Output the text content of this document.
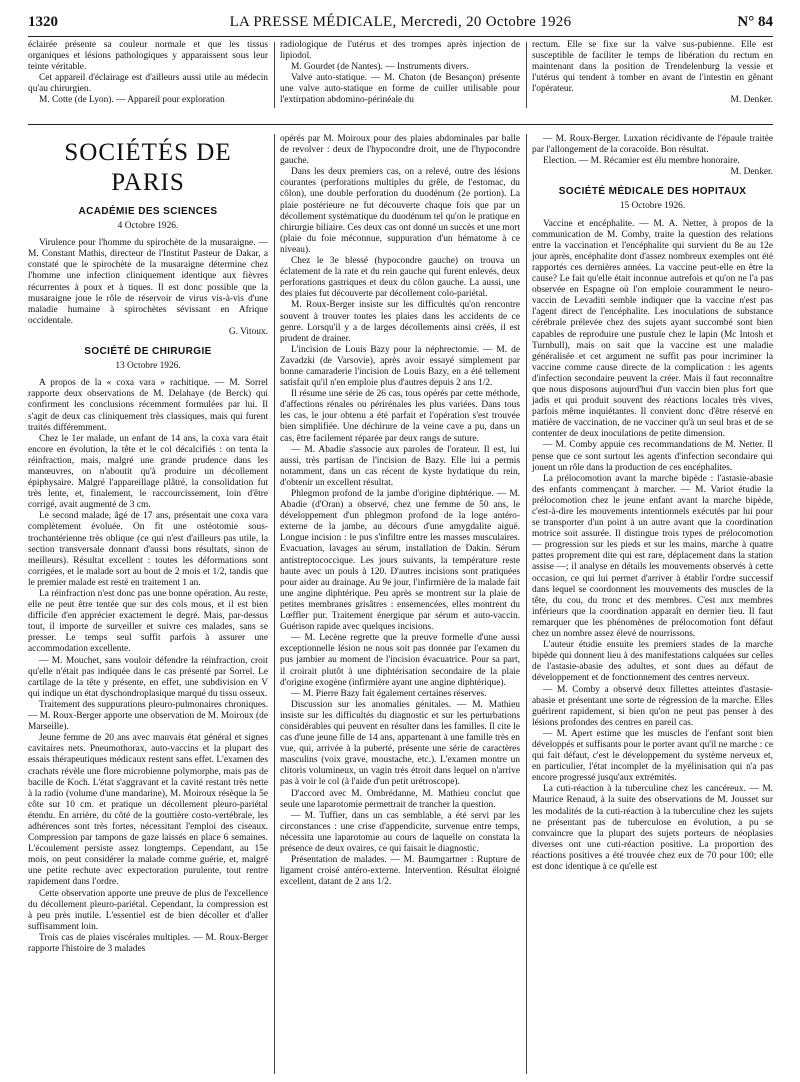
1320	LA PRESSE MÉDICALE, Mercredi, 20 Octobre 1926	N° 84

éclairée présente sa couleur normale et que les tissus organiques et lésions pathologiques y apparaissent sous leur teinte véritable.

Cet appareil d'éclairage est d'ailleurs aussi utile au médecin qu'au chirurgien.

M. Cotte (de Lyon). — Appareil pour exploration

radiologique de l'utérus et des trompes après injection de lipiodol.

M. Gourdet (de Nantes). — Instruments divers.

Valve auto-statique. — M. Chaton (de Besançon) présente une valve auto-statique en forme de cuiller utilisable pour l'extirpation abdomino-périnéale du

rectum. Elle se fixe sur la valve sus-pubienne. Elle est susceptible de faciliter le temps de libération du rectum en maintenant dans la position de Trendelenburg la vessie et l'utérus qui tendent à tomber en avant de l'intestin en gênant l'opérateur.

M. Denker.

SOCIÉTÉS DE PARIS
ACADÉMIE DES SCIENCES
4 Octobre 1926.

Virulence pour l'homme du spirochète de la musaraigne. — M. Constant Mathis, directeur de l'Institut Pasteur de Dakar, a constaté que le spirochète de la musaraigne détermine chez l'homme une infection cliniquement identique aux fièvres récurrentes à poux et à tiques. Il est donc possible que la musaraigne joue le rôle de réservoir de virus vis-à-vis d'une maladie humaine à spirochètes sévissant en Afrique occidentale.

G. Vitoux.

SOCIÉTÉ DE CHIRURGIE
13 Octobre 1926.

A propos de la « coxa vara » rachitique. — M. Sorrel rapporte deux observations de M. Delahaye (de Berck) qui confirment les conclusions récemment formulées par lui. Il s'agit de deux cas cliniquement très classiques, mais qui furent traités différemment.

Chez le 1er malade, un enfant de 14 ans, la coxa vara était encore en évolution, la tête et le col décalcifiés : on tenta la réinfraction, mais, malgré une grande prudence dans les manœuvres, on n'aboutit qu'à produire un décollement épiphysaire. Malgré l'appareillage plâtré, la consolidation fut très lente, et, finalement, le raccourcissement, loin d'être corrigé, avait augmenté de 3 cm.

Le second malade, âgé de 17 ans, présentait une coxa vara complètement évoluée. On fit une ostéotomie sous-trochantérienne très oblique (ce qui n'est d'ailleurs pas utile, la section transversale donnant d'aussi bons résultats, sinon de meilleurs). Résultat excellent : toutes les déformations sont corrigées, et le malade sort au bout de 2 mois et 1/2, tandis que le premier malade est resté en traitement 1 an.

La réinfraction n'est donc pas une bonne opération. Au reste, elle ne peut être tentée que sur des cols mous, et il est bien difficile d'en apprécier exactement le degré. Mais, par-dessus tout, il importe de surveiller et suivre ces malades, sans se presser. Le temps seul suffit parfois à assurer une accommodation excellente.

— M. Mouchet, sans vouloir défendre la réinfraction, croit qu'elle n'était pas indiquée dans le cas présenté par Sorrel. Le cartilage de la tête y présente, en effet, une subdivision en V qui indique un état dyschondroplasique marqué du tissu osseux.

Traitement des suppurations pleuro-pulmonaires chroniques. — M. Roux-Berger apporte une observation de M. Moiroux (de Marseille).

Jeune femme de 20 ans avec mauvais état général et signes cavitaires nets. Pneumothorax, auto-vaccins et la plupart des essais thérapeutiques médicaux restent sans effet. L'examen des crachats révèle une flore microbienne polymorphe, mais pas de bacille de Koch. L'état s'aggravant et la cavité restant très nette à la radio (volume d'une mandarine), M. Moiroux résèque la 5e côte sur 10 cm. et pratique un décollement pleuro-pariétal étendu. En arrière, du côté de la gouttière costo-vertébrale, les adhérences sont très fortes, nécessitant l'emploi des ciseaux. Compression par tampons de gaze laissés en place 6 semaines. L'écoulement persiste assez longtemps. Cependant, au 15e mois, on peut considérer la malade comme guérie, et, malgré une petite rechute avec expectoration purulente, tout rentre rapidement dans l'ordre.

Cette observation apporte une preuve de plus de l'excellence du décollement pleuro-pariétal. Cependant, la compression est à peu près inutile. L'essentiel est de bien décoller et d'aller suffisamment loin.

Trois cas de plaies viscérales multiples. — M. Roux-Berger rapporte l'histoire de 3 malades

opérés par M. Moiroux pour des plaies abdominales par balle de revolver : deux de l'hypocondre droit, une de l'hypocondre gauche.

Dans les deux premiers cas, on a relevé, outre des lésions courantes (perforations multiples du grêle, de l'estomac, du côlon), une double perforation du duodénum (2e portion). La plaie postérieure ne fut découverte chaque fois que par un décollement systématique du duodénum tel qu'on le pratique en chirurgie biliaire. Ces deux cas ont donné un succès et une mort (plaie du foie méconnue, suppuration d'un hématome à ce niveau).

Chez le 3e blessé (hypocondre gauche) on trouva un éclatement de la rate et du rein gauche qui furent enlevés, deux perforations gastriques et deux du côlon gauche. La aussi, une des plaies fut découverte par décollement colo-pariétal.

M. Roux-Berger insiste sur les difficultés qu'on rencontre souvent à trouver toutes les plaies dans les accidents de ce genre. Lorsqu'il y a de larges décollements ainsi créés, il est prudent de drainer.

L'incision de Louis Bazy pour la néphrectomie. — M. de Zavadzki (de Varsovie), après avoir essayé simplement par bonne camaraderie l'incision de Louis Bazy, en a été tellement satisfait qu'il n'en emploie plus d'autres depuis 2 ans 1/2.

Il résume une série de 26 cas, tous opérés par cette méthode, d'affections rénales ou périrénales les plus variées. Dans tous les cas, le jour obtenu a été parfait et l'opération s'est trouvée bien simplifiée. Une déchirure de la veine cave a pu, dans un cas, être facilement réparée par deux rangs de suture.

— M. Abadie s'associe aux paroles de l'orateur. Il est, lui aussi, très partisan de l'incision de Bazy. Elle lui a permis notamment, dans un cas récent de kyste hydatique du rein, d'obtenir un excellent résultat.

Phlegmon profond de la jambe d'origine diphtérique. — M. Abadie (d'Oran) a observé, chez une femme de 50 ans, le développement d'un phlegmon profond de la loge antéro-externe de la jambe, au décours d'une amygdalite aiguë. Longue incision : le pus s'infiltre entre les masses musculaires. Evacuation, lavages au sérum, installation de Dakin. Sérum antistreptococcique. Les jours suivants, la température reste haute avec un pouls à 120. D'autres incisions sont pratiquées pour aider au drainage. Au 9e jour, l'infirmière de la malade fait une angine diphtérique. Peu après se montrent sur la plaie de petites membranes grisâtres : ensemencées, elles montrent du Lœffler pur. Traitement énergique par sérum et auto-vaccin. Guérison rapide avec quelques incisions.

— M. Lecène regrette que la preuve formelle d'une aussi exceptionnelle lésion ne nous soit pas donnée par l'examen du pus jambier au moment de l'incision évacuatrice. Pour sa part, il croirait plutôt à une diphtérisation secondaire de la plaie d'origine exogène (infirmière ayant une angine diphtérique).

— M. Pierre Bazy fait également certaines réserves.

Discussion sur les anomalies génitales. — M. Mathieu insiste sur les difficultés du diagnostic et sur les perturbations considérables qui peuvent en résulter dans les familles. Il cite le cas d'une jeune fille de 14 ans, appartenant à une famille très en vue, qui, arrivée à la puberté, présente une série de caractères masculins (voix grave, moustache, etc.). L'examen montre un clitoris volumineux, un vagin très étroit dans lequel on n'arrive pas à voir le col (à l'aide d'un petit urétroscope).

D'accord avec M. Ombrédanne, M. Mathieu conclut que seule une laparotomie permettrait de trancher la question.

— M. Tuffier, dans un cas semblable, a été servi par les circonstances : une crise d'appendicite, survenue entre temps, nécessita une laparotomie au cours de laquelle on constata la présence de deux ovaires, ce qui faisait le diagnostic.

Présentation de malades. — M. Baumgartner : Rupture de ligament croisé antéro-externe. Intervention. Résultat éloigné excellent, datant de 2 ans 1/2.

— M. Roux-Berger. Luxation récidivante de l'épaule traitée par l'allongement de la coracoïde. Bon résultat.

Election. — M. Récamier est élu membre honoraire.

M. Denker.

SOCIÉTÉ MÉDICALE DES HOPITAUX
15 Octobre 1926.

Vaccine et encéphalite. — M. A. Netter, à propos de la communication de M. Comby, traite la question des relations entre la vaccination et l'encéphalite qui survient du 8e au 12e jour après, encéphalite dont d'assez nombreux exemples ont été rapportés ces dernières années. La vaccine peut-elle en être la cause? Le fait qu'elle était inconnue autrefois et qu'on ne l'a pas observée en Espagne où l'on emploie couramment le neuro-vaccin de Levaditi semble indiquer que la vaccine n'est pas l'agent direct de l'encéphalite. Les inoculations de substance cérébrale prélevée chez des sujets ayant succombé sont bien capables de reproduire une pustule chez le lapin (Mc Intosh et Turnbull), mais on sait que la vaccine est une maladie généralisée et cet argument ne suffit pas pour incriminer la vaccine comme cause directe de la complication : les agents d'infection secondaire peuvent la créer. Mais il faut reconnaître que nous disposons aujourd'hui d'un vaccin bien plus fort que jadis et qui produit souvent des réactions locales très vives, parfois même inquiétantes. Il convient donc d'être réservé en matière de vaccination, de ne vacciner qu'à un seul bras et de se contenter de deux inoculations de petite dimension.

— M. Comby appuie ces recommandations de M. Netter. Il pense que ce sont surtout les agents d'infection secondaire qui jouent un rôle dans la production de ces encéphalites.

La prélocomotion avant la marche bipède : l'astasie-abasie des enfants commençant à marcher. — M. Variot étudie la prélocomotion chez le jeune enfant avant la marche bipède, c'est-à-dire les mouvements intentionnels exécutés par lui pour se transporter d'un point à un autre avant que la coordination motrice soit assurée. Il distingue trois types de prélocomotion — progression sur les pieds et sur les mains, marche à quatre pattes proprement dite qui est rare, déplacement dans la station assise —; il analyse en détails les mouvements observés à cette occasion, ce qui lui permet d'arriver à établir l'ordre successif dans lequel se coordonnent les mouvements des muscles de la tête, du cou, du tronc et des membres. C'est aux membres inférieurs que la coordination apparaît en dernier lieu. Il faut remarquer que les phénomènes de prélocomotion font défaut chez un nombre assez élevé de nourrissons.

L'auteur étudie ensuite les premiers stades de la marche bipède qui donnent lieu à des manifestations calquées sur celles de l'astasie-abasie des adultes, et sont dues au défaut de développement et de fonctionnement des centres nerveux.

— M. Comby a observé deux fillettes atteintes d'astasie-abasie et présentant une sorte de régression de la marche. Elles guérirent rapidement, si bien qu'on ne peut pas penser à des lésions profondes des centres en pareil cas.

— M. Apert estime que les muscles de l'enfant sont bien développés et suffisants pour le porter avant qu'il ne marche : ce qui fait défaut, c'est le développement du système nerveux et, en particulier, l'état incomplet de la myélinisation qui n'a pas encore progressé jusqu'aux extrémités.

La cuti-réaction à la tuberculine chez les cancéreux. — M. Maurice Renaud, à la suite des observations de M. Jousset sur les modalités de la cuti-réaction à la tuberculine chez les sujets ne présentant pas de tuberculose en évolution, a pu se convaincre que la plupart des sujets porteurs de néoplasies diverses ont une cuti-réaction positive. La proportion des réactions positives a été trouvée chez eux de 70 pour 100; elle est donc identique à ce qu'elle est
